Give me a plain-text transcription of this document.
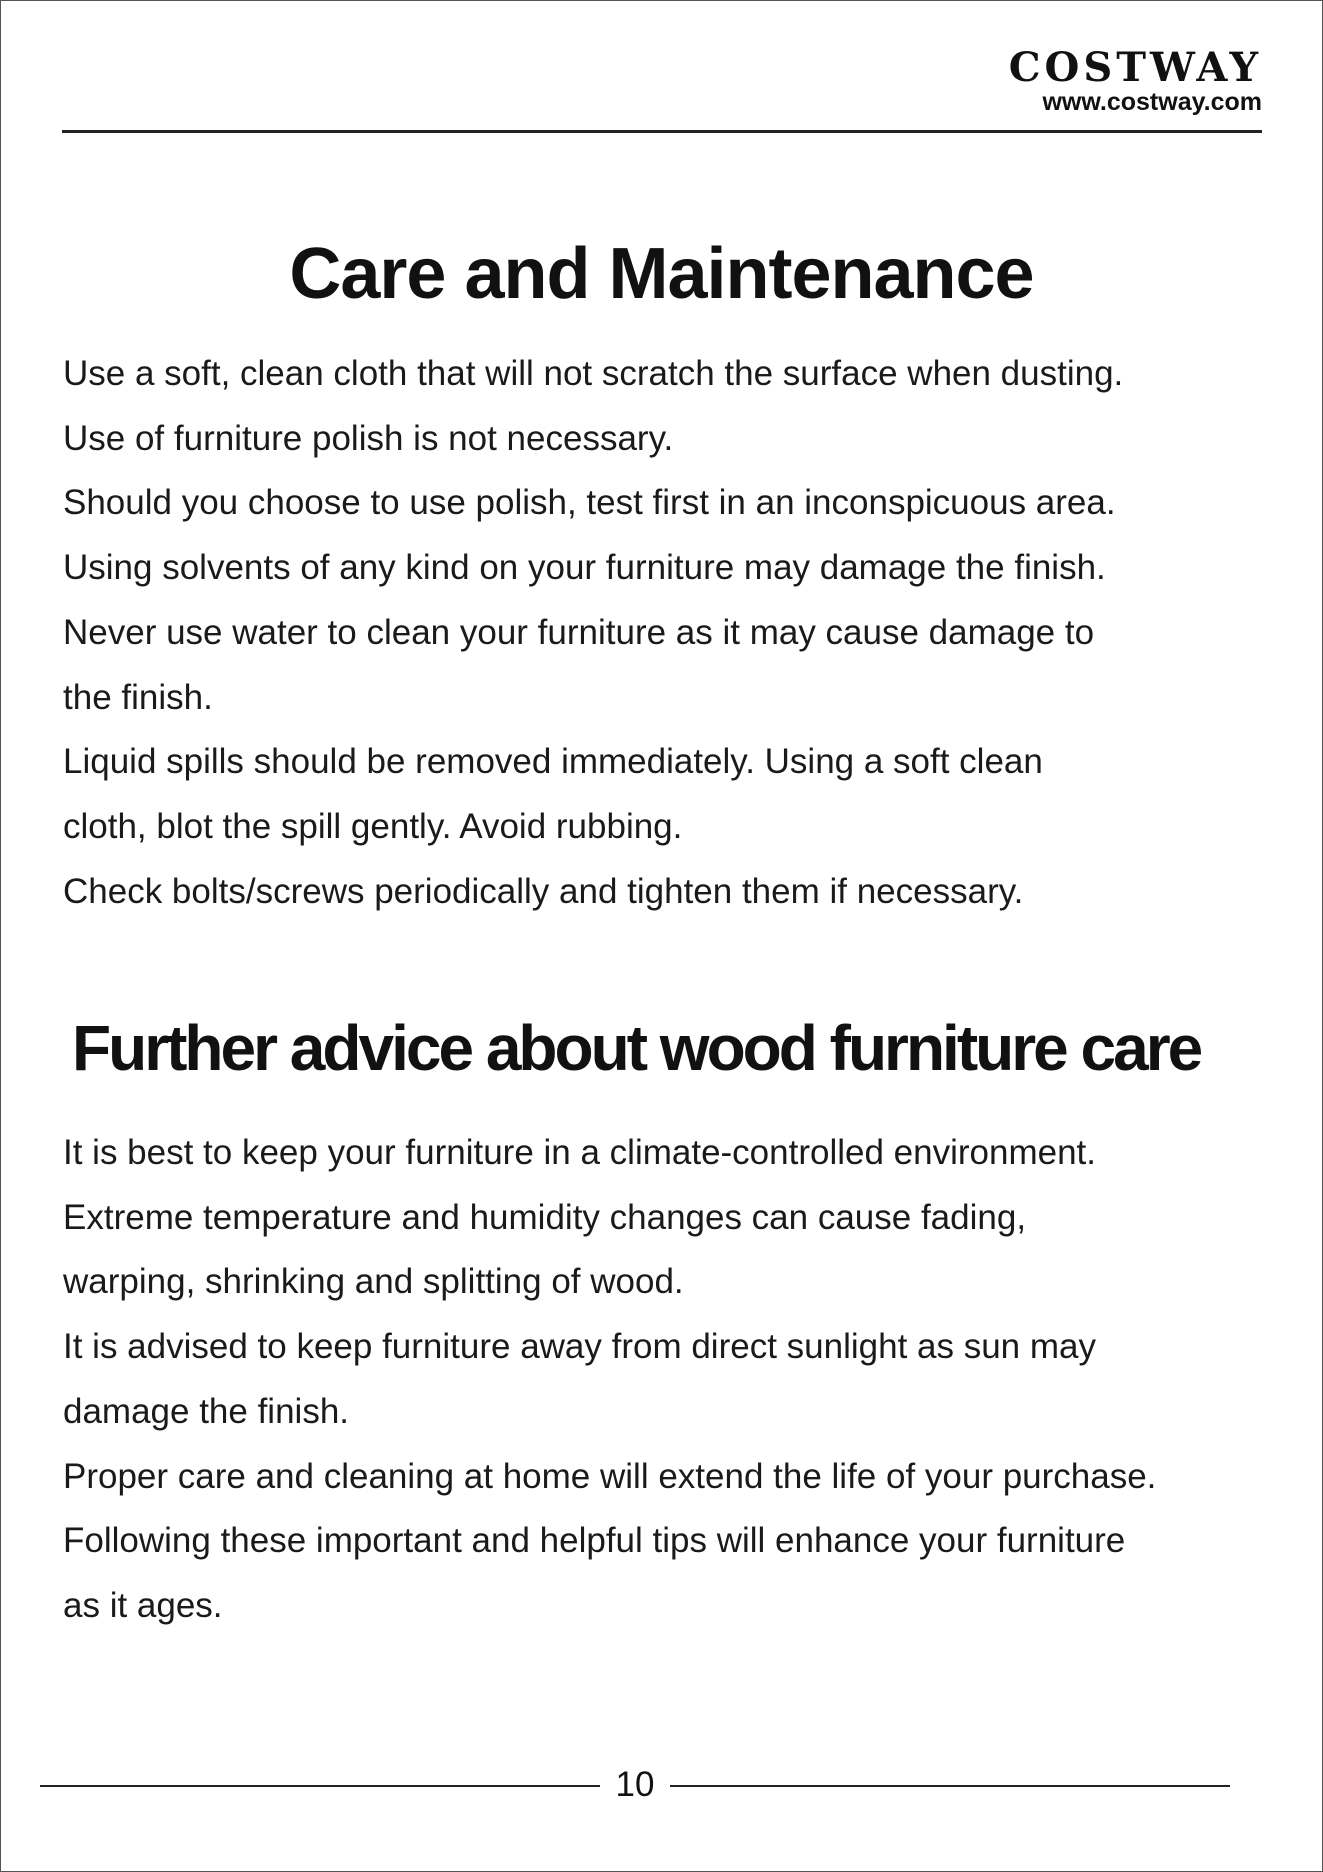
COSTWAY
www.costway.com
Care and Maintenance

Use a soft, clean cloth that will not scratch the surface when dusting.

Use of furniture polish is not necessary.

Should you choose to use polish, test first in an inconspicuous area.

Using solvents of any kind on your furniture may damage the finish.

Never use water to clean your furniture as it may cause damage to

the finish.

Liquid spills should be removed immediately. Using a soft clean

cloth, blot the spill gently. Avoid rubbing.

Check bolts/screws periodically and tighten them if necessary.

Further advice about wood furniture care

It is best to keep your furniture in a climate-controlled environment.

Extreme temperature and humidity changes can cause fading,

warping, shrinking and splitting of wood.

It is advised to keep furniture away from direct sunlight as sun may

damage the finish.

Proper care and cleaning at home will extend the life of your purchase.

Following these important and helpful tips will enhance your furniture

as it ages.

10
